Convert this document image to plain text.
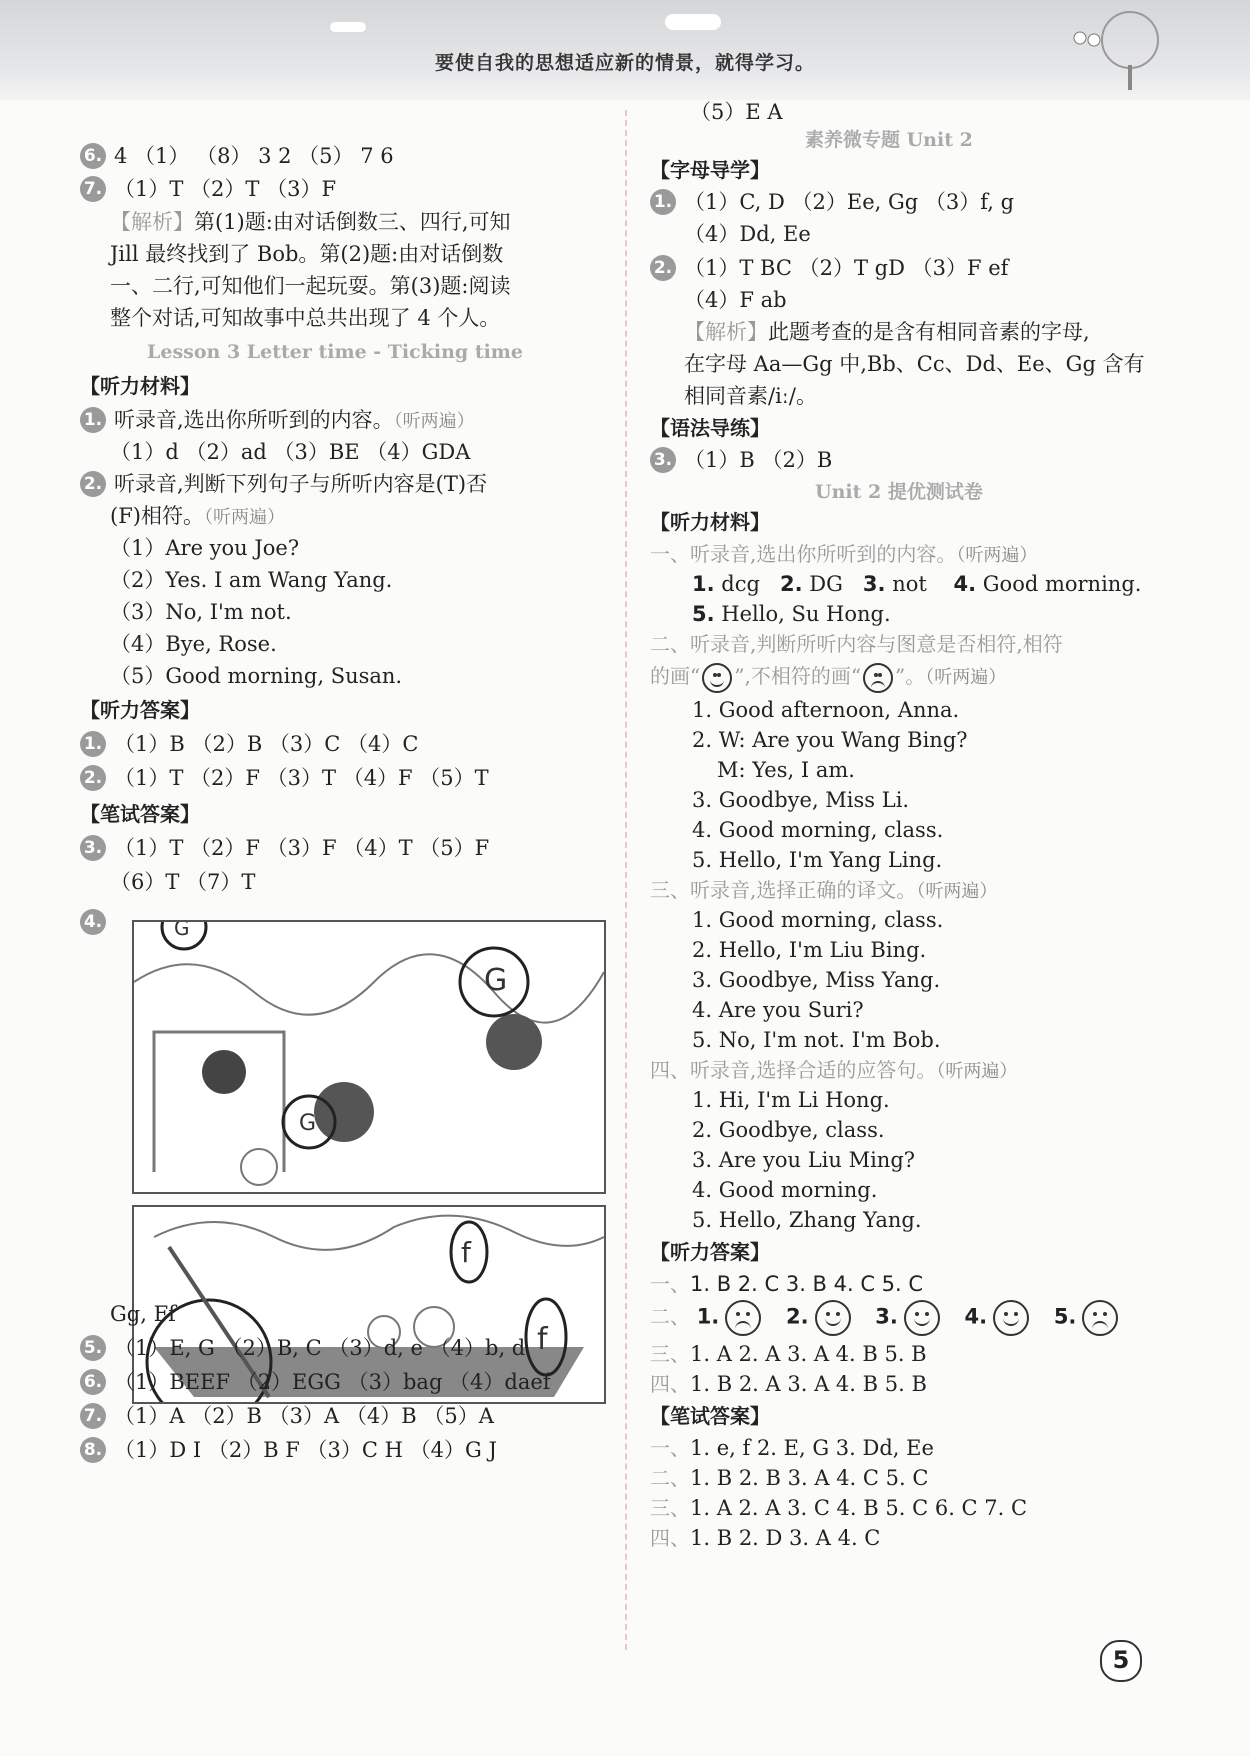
要使自我的思想适应新的情景，就得学习。
6. 4 （1） （8） 3 2 （5） 7 6
7. （1）T （2）T （3）F
【解析】第(1)题:由对话倒数三、四行,可知
Jill 最终找到了 Bob。第(2)题:由对话倒数
一、二行,可知他们一起玩耍。第(3)题:阅读
整个对话,可知故事中总共出现了 4 个人。
Lesson 3 Letter time - Ticking time
【听力材料】
1. 听录音,选出你所听到的内容。（听两遍）
（1）d （2）ad （3）BE （4）GDA
2. 听录音,判断下列句子与所听内容是(T)否
(F)相符。（听两遍）
（1）Are you Joe?
（2）Yes. I am Wang Yang.
（3）No, I'm not.
（4）Bye, Rose.
（5）Good morning, Susan.
【听力答案】
1. （1）B （2）B （3）C （4）C
2. （1）T （2）F （3）T （4）F （5）T
【笔试答案】
3. （1）T （2）F （3）F （4）T （5）F
（6）T （7）T
4.
G
G
G
f
f
Gg, Ff
5. （1）E, G （2）B, C （3）d, e （4）b, d
6. （1）BEEF （2）EGG （3）bag （4）daef
7. （1）A （2）B （3）A （4）B （5）A
8. （1）D I （2）B F （3）C H （4）G J
（5）E A
素养微专题 Unit 2
【字母导学】
1. （1）C, D （2）Ee, Gg （3）f, g
（4）Dd, Ee
2. （1）T BC （2）T gD （3）F ef
（4）F ab
【解析】此题考查的是含有相同音素的字母,
在字母 Aa—Gg 中,Bb、Cc、Dd、Ee、Gg 含有
相同音素/iː/。
【语法导练】
3. （1）B （2）B
Unit 2 提优测试卷
【听力材料】
一、听录音,选出你所听到的内容。（听两遍）
1. dcg 2. DG 3. not 4. Good morning.
5. Hello, Su Hong.
二、听录音,判断所听内容与图意是否相符,相符
的画“ ”,不相符的画“ ”。（听两遍）
1. Good afternoon, Anna.
2. W: Are you Wang Bing?
M: Yes, I am.
3. Goodbye, Miss Li.
4. Good morning, class.
5. Hello, I'm Yang Ling.
三、听录音,选择正确的译文。（听两遍）
1. Good morning, class.
2. Hello, I'm Liu Bing.
3. Goodbye, Miss Yang.
4. Are you Suri?
5. No, I'm not. I'm Bob.
四、听录音,选择合适的应答句。（听两遍）
1. Hi, I'm Li Hong.
2. Goodbye, class.
3. Are you Liu Ming?
4. Good morning.
5. Hello, Zhang Yang.
【听力答案】
一、1. B 2. C 3. B 4. C 5. C
二、 1.	2.	3.	4.	5.
三、1. A 2. A 3. A 4. B 5. B
四、1. B 2. A 3. A 4. B 5. B
【笔试答案】
一、1. e, f 2. E, G 3. Dd, Ee
二、1. B 2. B 3. A 4. C 5. C
三、1. A 2. A 3. C 4. B 5. C 6. C 7. C
四、1. B 2. D 3. A 4. C
5
